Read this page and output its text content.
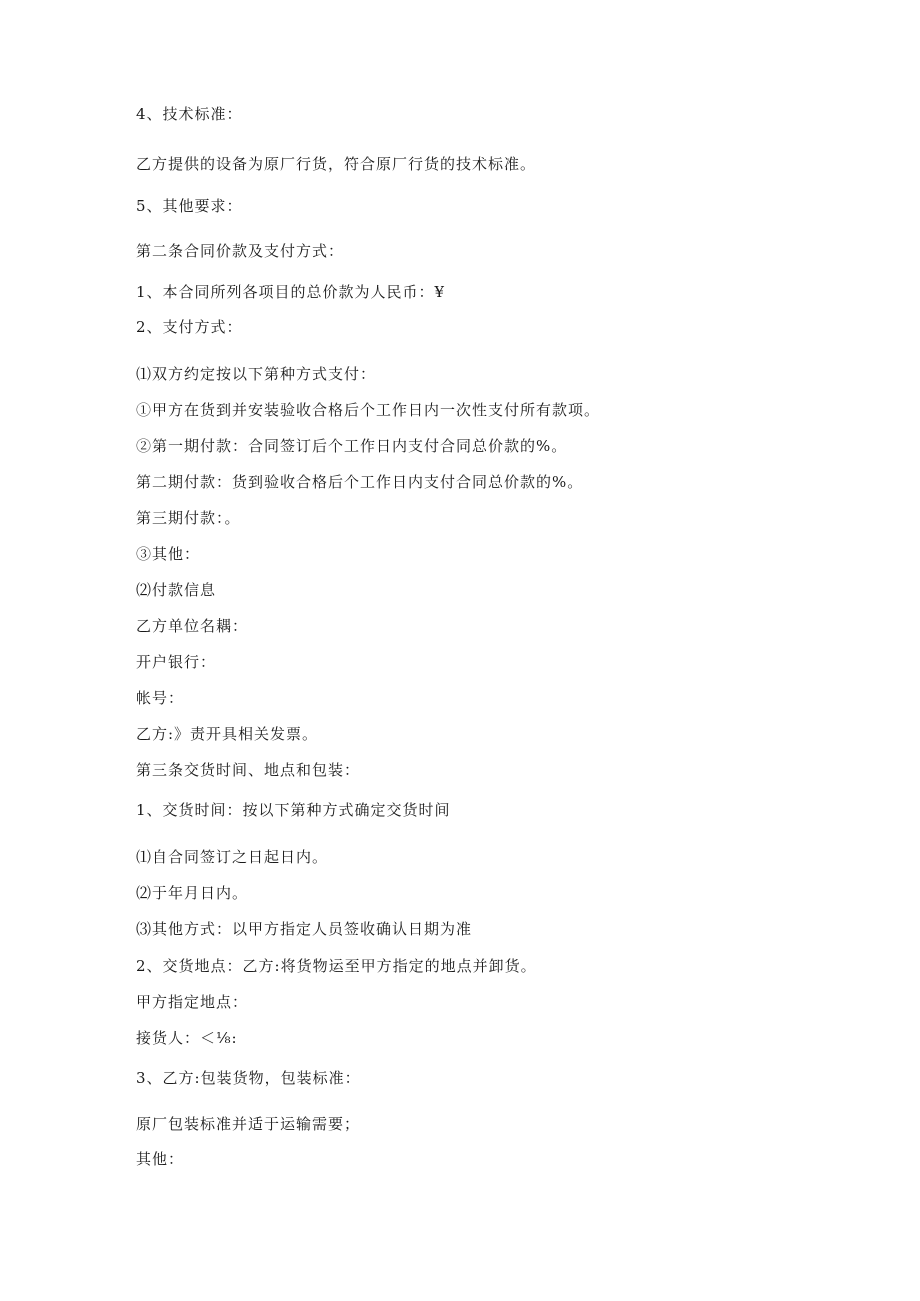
4、技术标准：
乙方提供的设备为原厂行货，符合原厂行货的技术标准。
5、其他要求：
第二条合同价款及支付方式：
1、本合同所列各项目的总价款为人民币：¥
2、支付方式：
⑴双方约定按以下第种方式支付：
①甲方在货到并安装验收合格后个工作日内一次性支付所有款项。
②第一期付款：合同签订后个工作日内支付合同总价款的%。
第二期付款：货到验收合格后个工作日内支付合同总价款的%。
第三期付款：。
③其他：
⑵付款信息
乙方单位名耦：
开户银行：
帐号：
乙方:》责开具相关发票。
第三条交货时间、地点和包装：
1、交货时间：按以下第种方式确定交货时间
⑴自合同签订之日起日内。
⑵于年月日内。
⑶其他方式：以甲方指定人员签收确认日期为准
2、交货地点：乙方:将货物运至甲方指定的地点并卸货。
甲方指定地点：
接货人：＜⅛:
3、乙方:包装货物，包装标准：
原厂包装标准并适于运输需要；
其他：
